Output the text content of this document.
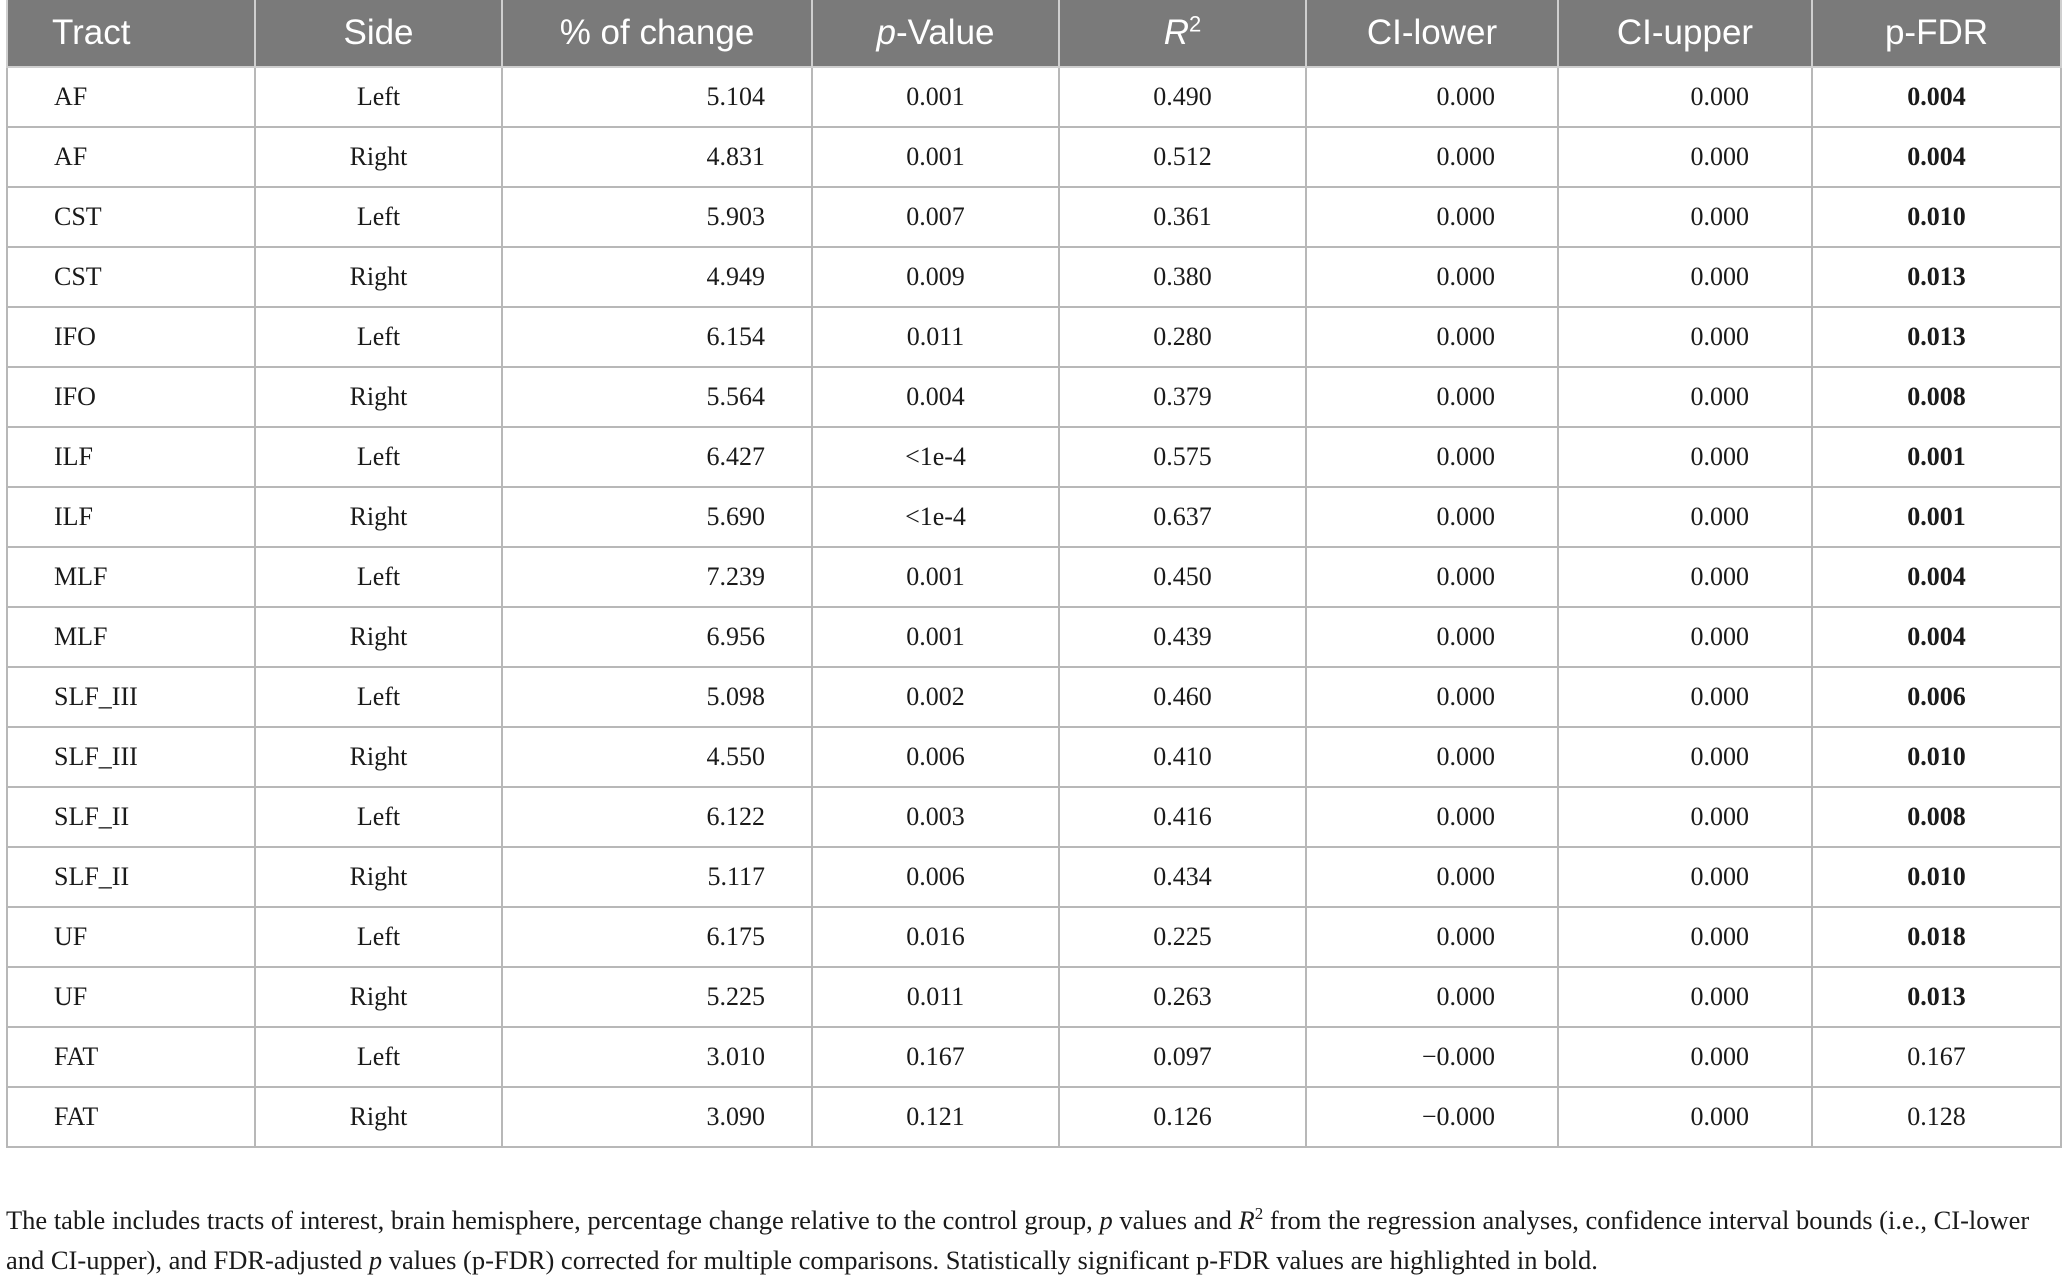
Tract	Side	% of change	p-Value	$R^2$	CI-lower	CI-upper	p-FDR
AF	Left	5.104	0.001	0.490	0.000	0.000	0.004
AF	Right	4.831	0.001	0.512	0.000	0.000	0.004
CST	Left	5.903	0.007	0.361	0.000	0.000	0.010
CST	Right	4.949	0.009	0.380	0.000	0.000	0.013
IFO	Left	6.154	0.011	0.280	0.000	0.000	0.013
IFO	Right	5.564	0.004	0.379	0.000	0.000	0.008
ILF	Left	6.427	<1e-4	0.575	0.000	0.000	0.001
ILF	Right	5.690	<1e-4	0.637	0.000	0.000	0.001
MLF	Left	7.239	0.001	0.450	0.000	0.000	0.004
MLF	Right	6.956	0.001	0.439	0.000	0.000	0.004
SLF_III	Left	5.098	0.002	0.460	0.000	0.000	0.006
SLF_III	Right	4.550	0.006	0.410	0.000	0.000	0.010
SLF_II	Left	6.122	0.003	0.416	0.000	0.000	0.008
SLF_II	Right	5.117	0.006	0.434	0.000	0.000	0.010
UF	Left	6.175	0.016	0.225	0.000	0.000	0.018
UF	Right	5.225	0.011	0.263	0.000	0.000	0.013
FAT	Left	3.010	0.167	0.097	−0.000	0.000	0.167
FAT	Right	3.090	0.121	0.126	−0.000	0.000	0.128
The table includes tracts of interest, brain hemisphere, percentage change relative to the control group, p values and $R^2$ from the regression analyses, confidence interval bounds (i.e., CI-lower and CI-upper), and FDR-adjusted p values (p-FDR) corrected for multiple comparisons. Statistically significant p-FDR values are highlighted in bold.
